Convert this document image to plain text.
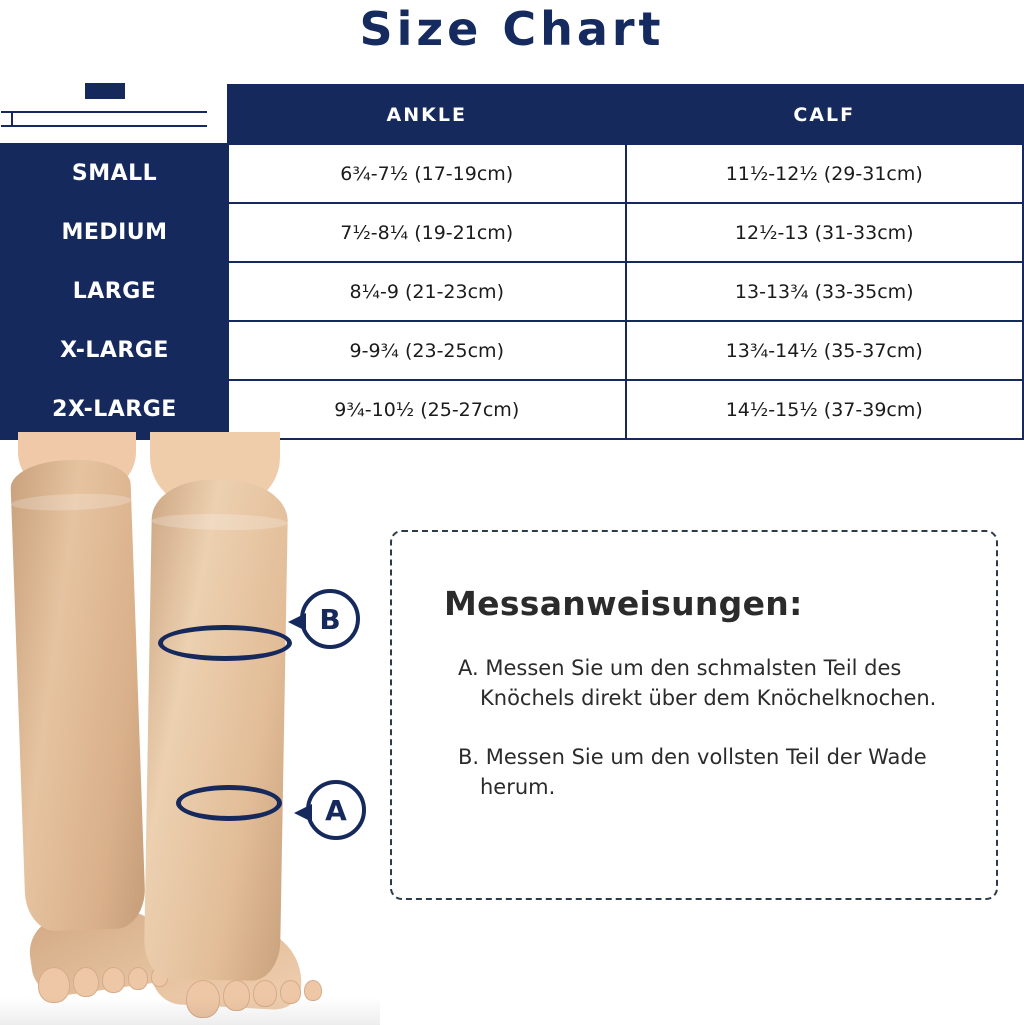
Size Chart
	ANKLE	CALF
SMALL	6¾-7½ (17-19cm)	11½-12½ (29-31cm)
MEDIUM	7½-8¼ (19-21cm)	12½-13 (31-33cm)
LARGE	8¼-9 (21-23cm)	13-13¾ (33-35cm)
X-LARGE	9-9¾ (23-25cm)	13¾-14½ (35-37cm)
2X-LARGE	9¾-10½ (25-27cm)	14½-15½ (37-39cm)
B
A
Messanweisungen:

A. Messen Sie um den schmalsten Teil des
Knöchels direkt über dem Knöchelknochen.

B. Messen Sie um den vollsten Teil der Wade
herum.
